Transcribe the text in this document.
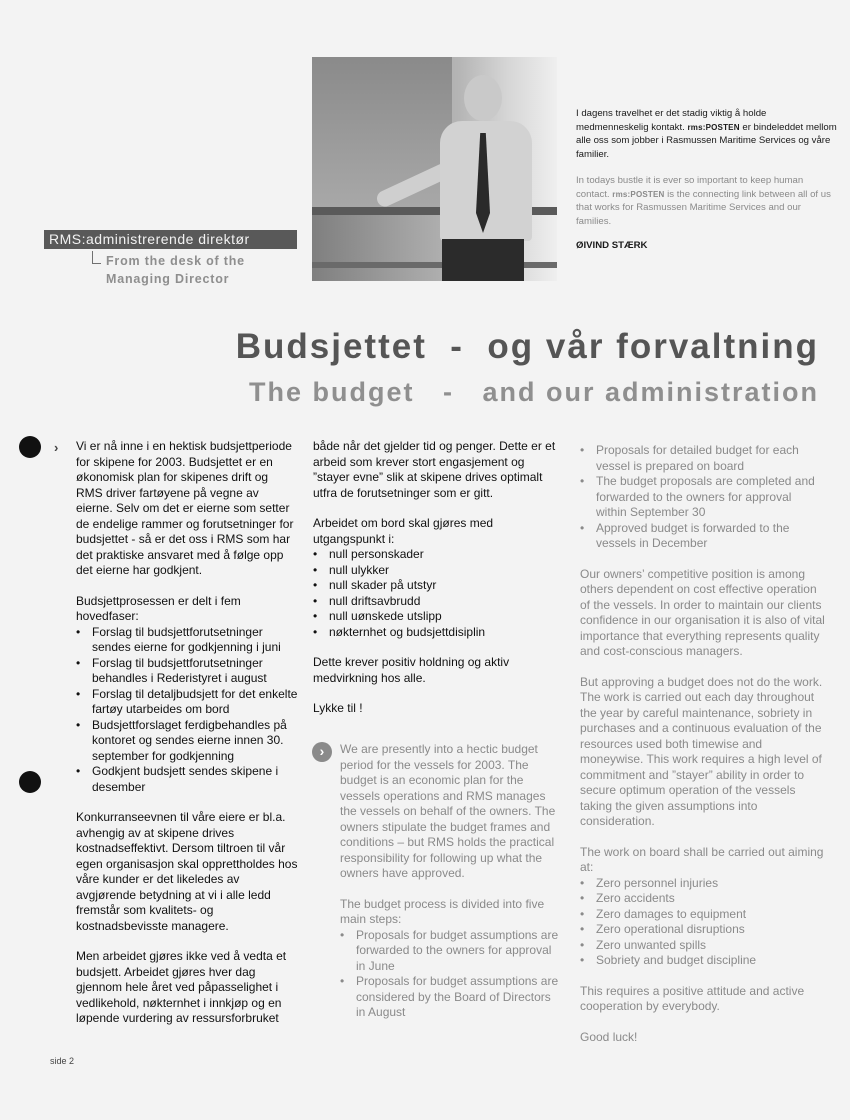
RMS:administrerende direktør
From the desk of the
Managing Director
I dagens travelhet er det stadig viktig å holde medmenneskelig kontakt. rms:POSTEN er bindeleddet mellom alle oss som jobber i Rasmussen Maritime Services og våre familier.
In todays bustle it is ever so important to keep human contact. rms:POSTEN is the connecting link between all of us that works for Rasmussen Maritime Services and our families.
ØIVIND STÆRK
Budsjettet  -  og vår forvaltning
The budget   -   and our administration
› Vi er nå inne i en hektisk budsjettperiode for skipene for 2003. Budsjettet er en økonomisk plan for skipenes drift og RMS driver fartøyene på vegne av eierne. Selv om det er eierne som setter de endelige rammer og forutsetninger for budsjettet - så er det oss i RMS som har det praktiske ansvaret med å følge opp det eierne har godkjent.

Budsjettprosessen er delt i fem hovedfaser:

• Forslag til budsjettforutsetninger sendes eierne for godkjenning i juni
• Forslag til budsjettforutsetninger behandles i Rederistyret i august
• Forslag til detaljbudsjett for det enkelte fartøy utarbeides om bord
• Budsjettforslaget ferdigbehandles på kontoret og sendes eierne innen 30. september for godkjenning
• Godkjent budsjett sendes skipene i desember

Konkurranseevnen til våre eiere er bl.a. avhengig av at skipene drives kostnadseffektivt. Dersom tiltroen til vår egen organisasjon skal opprettholdes hos våre kunder er det likeledes av avgjørende betydning at vi i alle ledd fremstår som kvalitets- og kostnadsbevisste managere.

Men arbeidet gjøres ikke ved å vedta et budsjett. Arbeidet gjøres hver dag gjennom hele året ved påpasselighet i vedlikehold, nøkternhet i innkjøp og en løpende vurdering av ressursforbruket

både når det gjelder tid og penger. Dette er et arbeid som krever stort engasjement og ”stayer evne” slik at skipene drives optimalt utfra de forutsetninger som er gitt.

Arbeidet om bord skal gjøres med utgangspunkt i:

• null personskader
• null ulykker
• null skader på utstyr
• null driftsavbrudd
• null uønskede utslipp
• nøkternhet og budsjettdisiplin

Dette krever positiv holdning og aktiv medvirkning hos alle.

Lykke til !

›	We are presently into a hectic budget period for the vessels for 2003. The budget is an economic plan for the vessels operations and RMS manages the vessels on behalf of the owners. The owners stipulate the budget frames and conditions – but RMS holds the practical responsibility for following up what the owners have approved.

The budget process is divided into five main steps:

• Proposals for budget assumptions are forwarded to the owners for approval in June
• Proposals for budget assumptions are considered by the Board of Directors in August
• Proposals for detailed budget for each vessel is prepared on board
• The budget proposals are completed and forwarded to the owners for approval within September 30
• Approved budget is forwarded to the vessels in December

Our owners’ competitive position is among others dependent on cost effective operation of the vessels. In order to maintain our clients confidence in our organisation it is also of vital importance that everything represents quality and cost-conscious managers.

But approving a budget does not do the work. The work is carried out each day throughout the year by careful maintenance, sobriety in purchases and a continuous evaluation of the resources used both timewise and moneywise. This work requires a high level of commitment and ”stayer” ability in order to secure optimum operation of the vessels taking the given assumptions into consideration.

The work on board shall be carried out aiming at:

• Zero personnel injuries
• Zero accidents
• Zero damages to equipment
• Zero operational disruptions
• Zero unwanted spills
• Sobriety and budget discipline

This requires a positive attitude and active cooperation by everybody.

Good luck!

side 2
